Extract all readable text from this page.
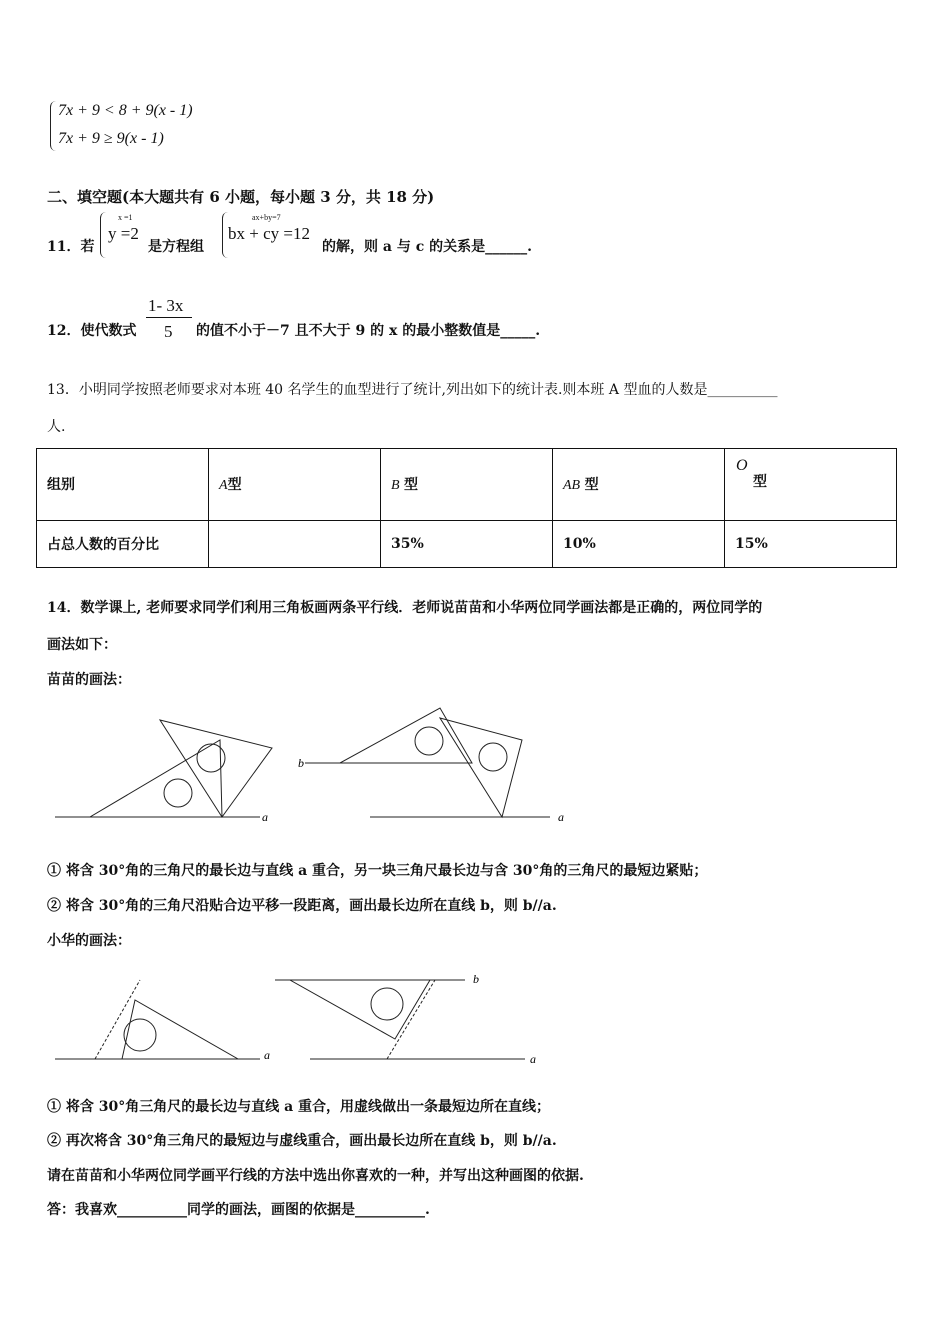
7x + 9 < 8 + 9(x - 1)
7x + 9 ≥ 9(x - 1)
二、填空题(本大题共有 6 小题，每小题 3 分，共 18 分)
11．若
x =1
y =2
是方程组
ax+by=7
bx + cy =12
的解，则 a 与 c 的关系是______.
12．使代数式
1- 3x
5 的值不小于－7 且不大于 9 的 x 的最小整数值是_____.
13．小明同学按照老师要求对本班 40 名学生的血型进行了统计,列出如下的统计表.则本班 A 型血的人数是__________
人.
组别	A型	B 型	AB 型	O
型

占总人数的百分比		35%	10%	15%
14．数学课上, 老师要求同学们利用三角板画两条平行线．老师说苗苗和小华两位同学画法都是正确的，两位同学的
画法如下：
苗苗的画法：
a
b
a
① 将含 30°角的三角尺的最长边与直线 a 重合，另一块三角尺最长边与含 30°角的三角尺的最短边紧贴；
② 将含 30°角的三角尺沿贴合边平移一段距离，画出最长边所在直线 b，则 b//a.
小华的画法：
a
b
a
① 将含 30°角三角尺的最长边与直线 a 重合，用虚线做出一条最短边所在直线；
② 再次将含 30°角三角尺的最短边与虚线重合，画出最长边所在直线 b，则 b//a.
请在苗苗和小华两位同学画平行线的方法中选出你喜欢的一种，并写出这种画图的依据.
答：我喜欢__________同学的画法，画图的依据是__________.
